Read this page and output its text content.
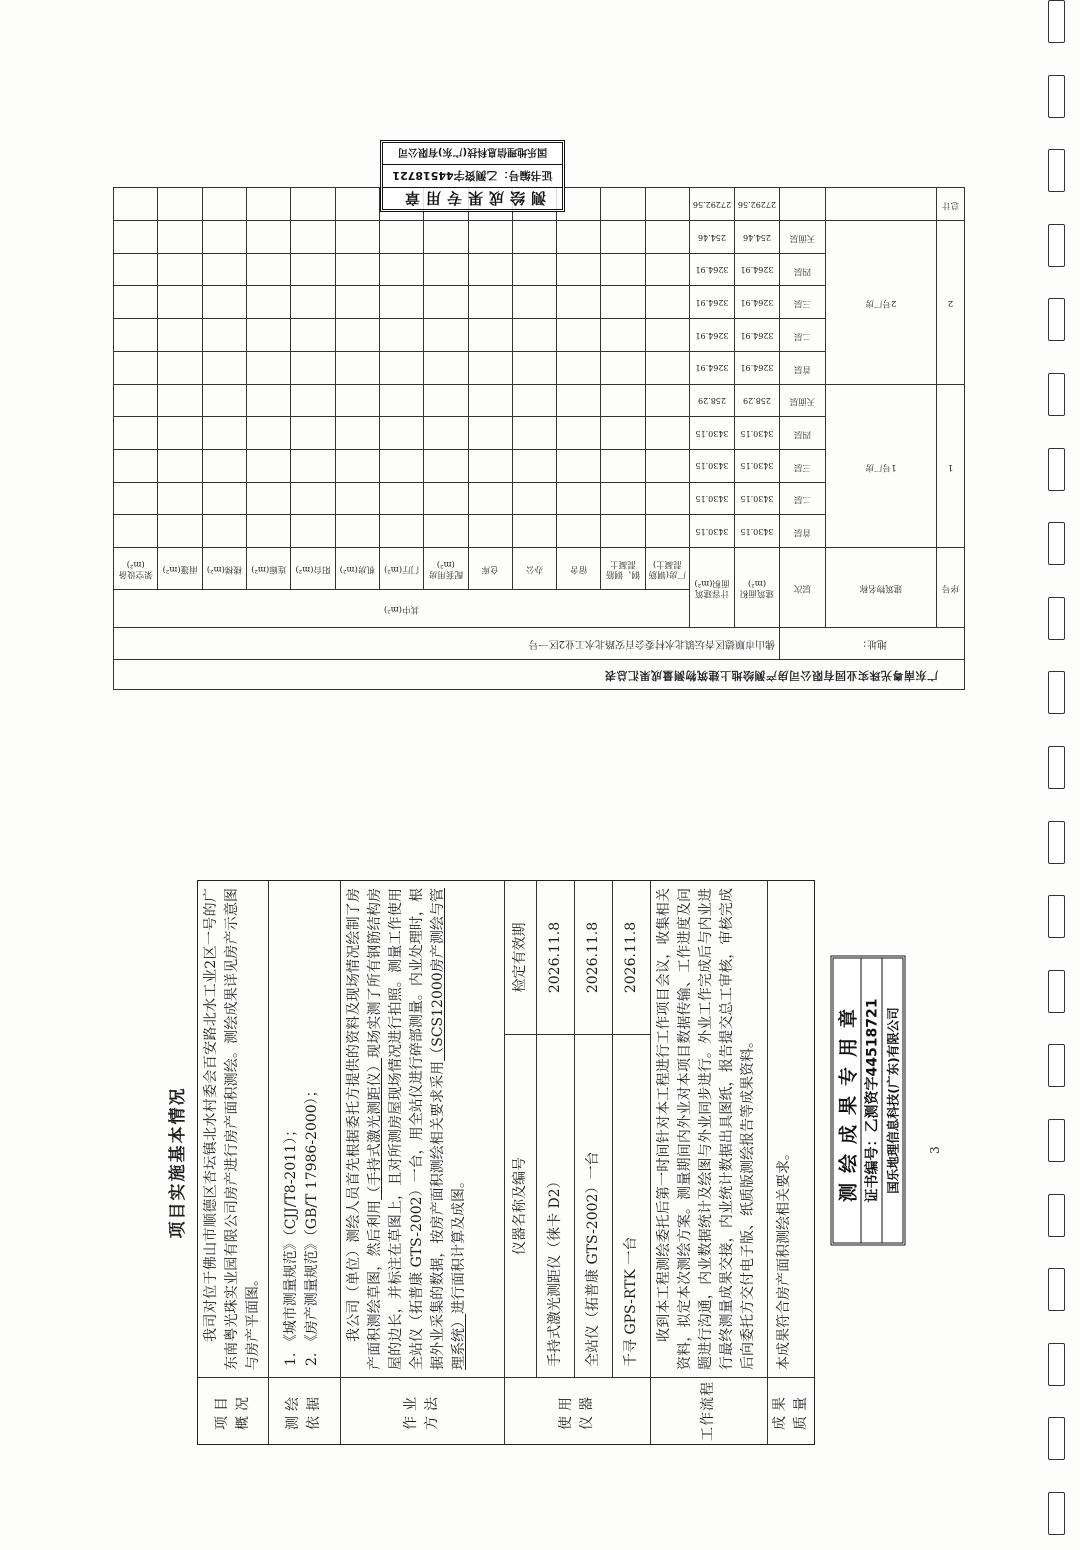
广东南粤光珠实业园有限公司房产测绘地上建筑物测量成果汇总表																	
地址：			佛山市顺德区杏坛镇北水村委会百安路北水工业2区一号														
序号	建筑物名称	层次	建筑面积(m²)	计容建筑面积(m²)	其中(m²)												
					厂房(钢筋混凝土)	钢、钢筋混凝土	宿舍	办公	仓库	配套用房(m²)	门厅(m²)	机房(m²)	阳台(m²)	连廊(m²)	楼梯(m²)	雨篷(m²)	架空设备(m²)
1	1号厂房	首层	3430.15	3430.15													
		二层	3430.15	3430.15													
		三层	3430.15	3430.15													
		四层	3430.15	3430.15													
		天面层	258.29	258.29													
2	2号厂房	首层	3264.91	3264.91													
		二层	3264.91	3264.91													
		三层	3264.91	3264.91													
		四层	3264.91	3264.91													
		天面层	254.46	254.46													
总计			27292.56	27292.56													
测绘成果专用章
证书编号：乙测资字44518721
国乐地理信息科技(广东)有限公司
项目实施基本情况
项目 概况
我司对位于佛山市顺德区杏坛镇北水村委会百安路北水工业2区一号的广东南粤光珠实业园有限公司房产进行房产面积测绘。测绘成果详见房产示意图与房产平面图。
测绘 依据
1. 《城市测量规范》（CJJ/T8-2011）； 2. 《房产测量规范》（GB/T 17986-2000）；
作业 方法
我公司（单位）测绘人员首先根据委托方提供的资料及现场情况绘制了房产面积测绘草图，然后利用（手持式激光测距仪）现场实测了所有钢筋结构房屋的边长，并标注在草图上，且对所测房屋现场情况进行拍照。测量工作使用全站仪（拓普康 GTS-2002）一台，用全站仪进行碎部测量。内业处理时，根据外业采集的数据，按房产面积测绘相关要求采用（SCS12000房产测绘与管理系统）进行面积计算及成图。
使用 仪器
仪器名称及编号
检定有效期
手持式激光测距仪（徕卡 D2）
2026.11.8
全站仪（拓普康 GTS-2002）一台
2026.11.8
千寻 GPS-RTK 一台
2026.11.8
工作流程
收到本工程测绘委托后第一时间针对本工程进行工作项目会议，收集相关资料，拟定本次测绘方案。测量期间内外业对本项目数据传输、工作进度及问题进行沟通，内业数据统计及绘图与外业同步进行。外业工作完成后与内业进行最终测量成果交接，内业统计数据出具图纸，报告提交总工审核，审核完成后向委托方交付电子版、纸质版测绘报告等成果资料。
成果 质量
本成果符合房产面积测绘相关要求。
测绘成果专用章 证书编号：乙测资字44518721 国乐地理信息科技(广东)有限公司 3
